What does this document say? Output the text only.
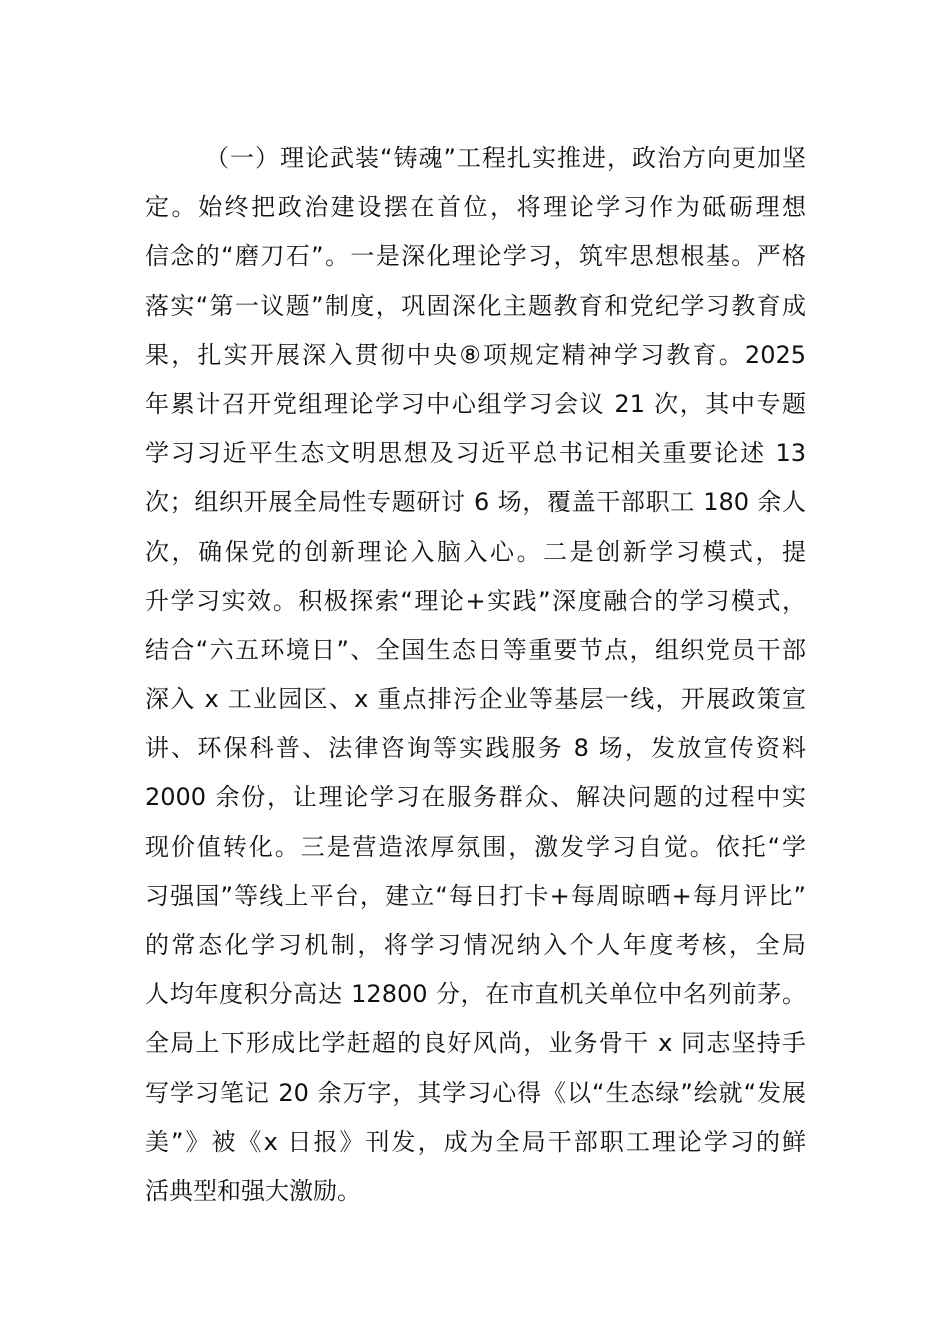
（一）理论武装“铸魂”工程扎实推进，政治方向更加坚
定。始终把政治建设摆在首位，将理论学习作为砥砺理想
信念的“磨刀石”。一是深化理论学习，筑牢思想根基。严格
落实“第一议题”制度，巩固深化主题教育和党纪学习教育成
果，扎实开展深入贯彻中央⑧项规定精神学习教育。2025
年累计召开党组理论学习中心组学习会议 21 次，其中专题
学习习近平生态文明思想及习近平总书记相关重要论述 13
次；组织开展全局性专题研讨 6 场，覆盖干部职工 180 余人
次，确保党的创新理论入脑入心。二是创新学习模式，提
升学习实效。积极探索“理论+实践”深度融合的学习模式，
结合“六五环境日”、全国生态日等重要节点，组织党员干部
深入 x 工业园区、x 重点排污企业等基层一线，开展政策宣
讲、环保科普、法律咨询等实践服务 8 场，发放宣传资料
2000 余份，让理论学习在服务群众、解决问题的过程中实
现价值转化。三是营造浓厚氛围，激发学习自觉。依托“学
习强国”等线上平台，建立“每日打卡+每周晾晒+每月评比”
的常态化学习机制，将学习情况纳入个人年度考核，全局
人均年度积分高达 12800 分，在市直机关单位中名列前茅。
全局上下形成比学赶超的良好风尚，业务骨干 x 同志坚持手
写学习笔记 20 余万字，其学习心得《以“生态绿”绘就“发展
美”》被《x 日报》刊发，成为全局干部职工理论学习的鲜
活典型和强大激励。
